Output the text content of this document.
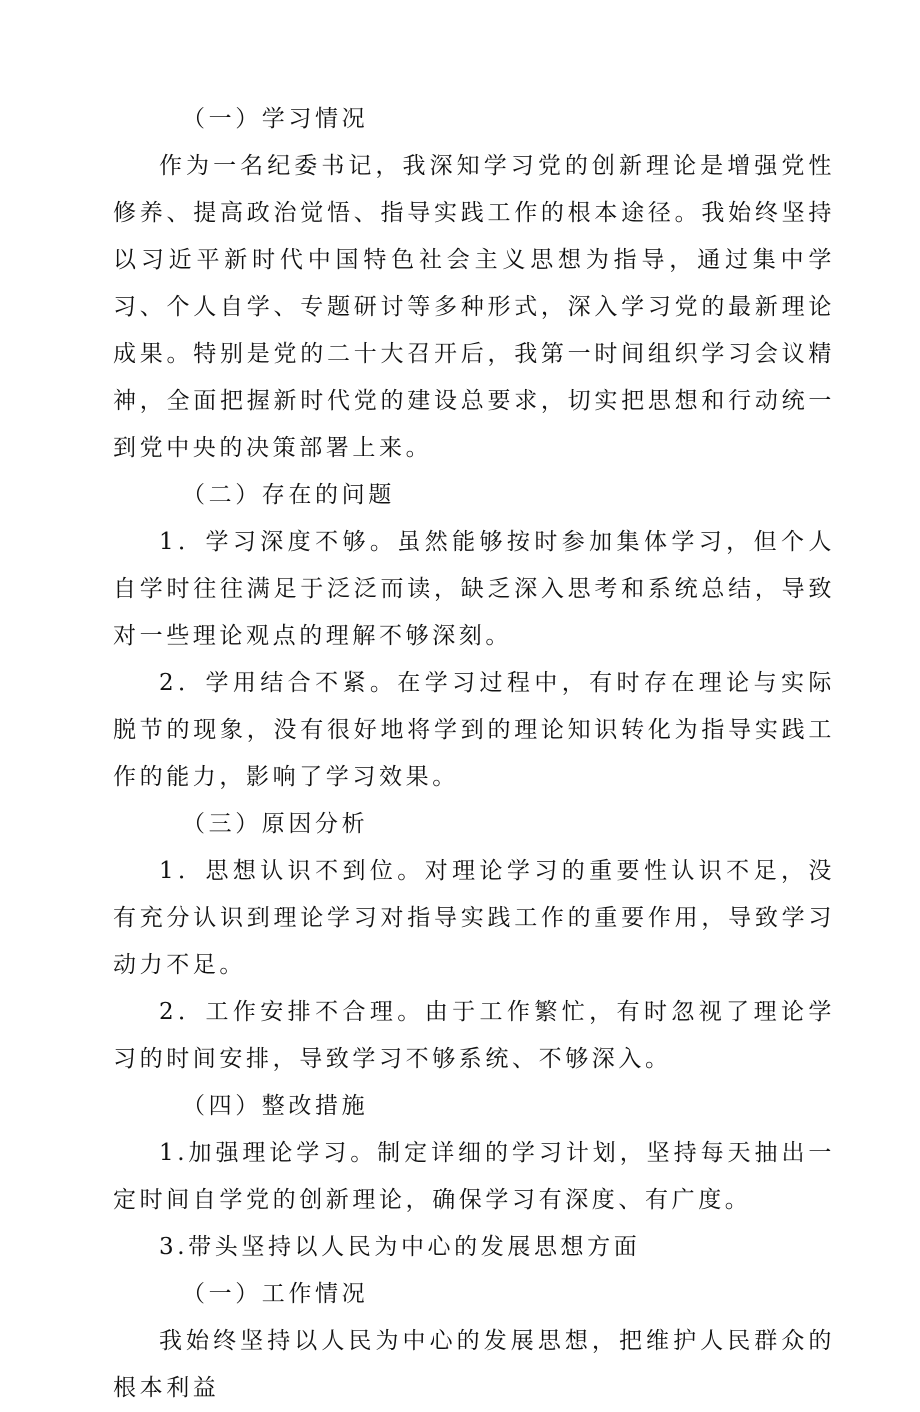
（一）学习情况

作为一名纪委书记，我深知学习党的创新理论是增强党性修养、提高政治觉悟、指导实践工作的根本途径。我始终坚持以习近平新时代中国特色社会主义思想为指导，通过集中学习、个人自学、专题研讨等多种形式，深入学习党的最新理论成果。特别是党的二十大召开后，我第一时间组织学习会议精神，全面把握新时代党的建设总要求，切实把思想和行动统一到党中央的决策部署上来。

（二）存在的问题

1．学习深度不够。虽然能够按时参加集体学习，但个人自学时往往满足于泛泛而读，缺乏深入思考和系统总结，导致对一些理论观点的理解不够深刻。

2．学用结合不紧。在学习过程中，有时存在理论与实际脱节的现象，没有很好地将学到的理论知识转化为指导实践工作的能力，影响了学习效果。

（三）原因分析

1．思想认识不到位。对理论学习的重要性认识不足，没有充分认识到理论学习对指导实践工作的重要作用，导致学习动力不足。

2．工作安排不合理。由于工作繁忙，有时忽视了理论学习的时间安排，导致学习不够系统、不够深入。

（四）整改措施

1.加强理论学习。制定详细的学习计划，坚持每天抽出一定时间自学党的创新理论，确保学习有深度、有广度。

3.带头坚持以人民为中心的发展思想方面

（一）工作情况

我始终坚持以人民为中心的发展思想，把维护人民群众的根本利益
